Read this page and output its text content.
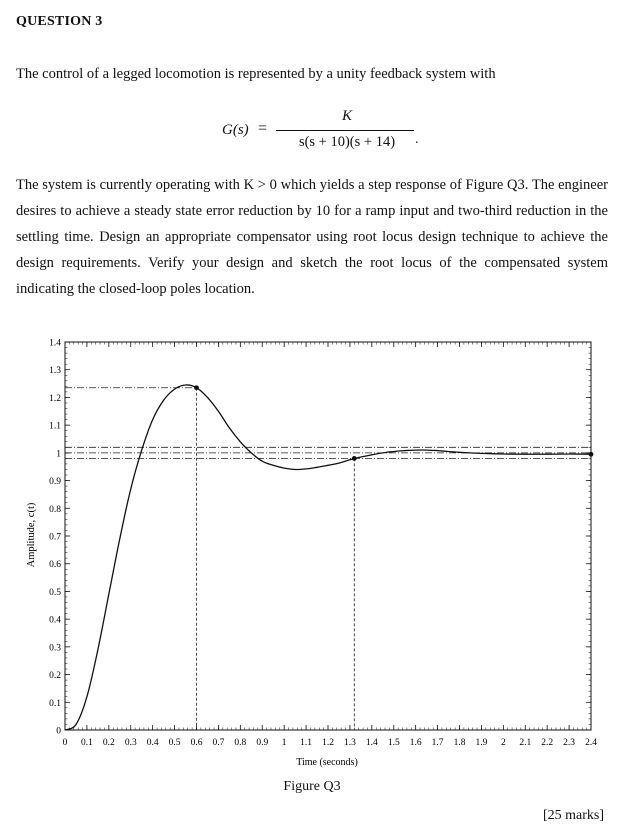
QUESTION 3
The control of a legged locomotion is represented by a unity feedback system with
G(s) =
K
s(s + 10)(s + 14)	.
The system is currently operating with K > 0 which yields a step response of Figure Q3. The engineer desires to achieve a steady state error reduction by 10 for a ramp input and two-third reduction in the settling time. Design an appropriate compensator using root locus design technique to achieve the design requirements. Verify your design and sketch the root locus of the compensated system indicating the closed-loop poles location.
0 0.1 0.2 0.3 0.4 0.5 0.6 0.7 0.8 0.9 1 1.1 1.2 1.3 1.4 1.5 1.6 1.7 1.8 1.9 2 2.1 2.2 2.3 2.4
0
0.1
0.2
0.3
0.4
0.5
0.6
0.7
0.8
0.9
1
1.1
1.2
1.3
1.4
Time (seconds)
Amplitude, c(t)
Figure Q3
[25 marks]
